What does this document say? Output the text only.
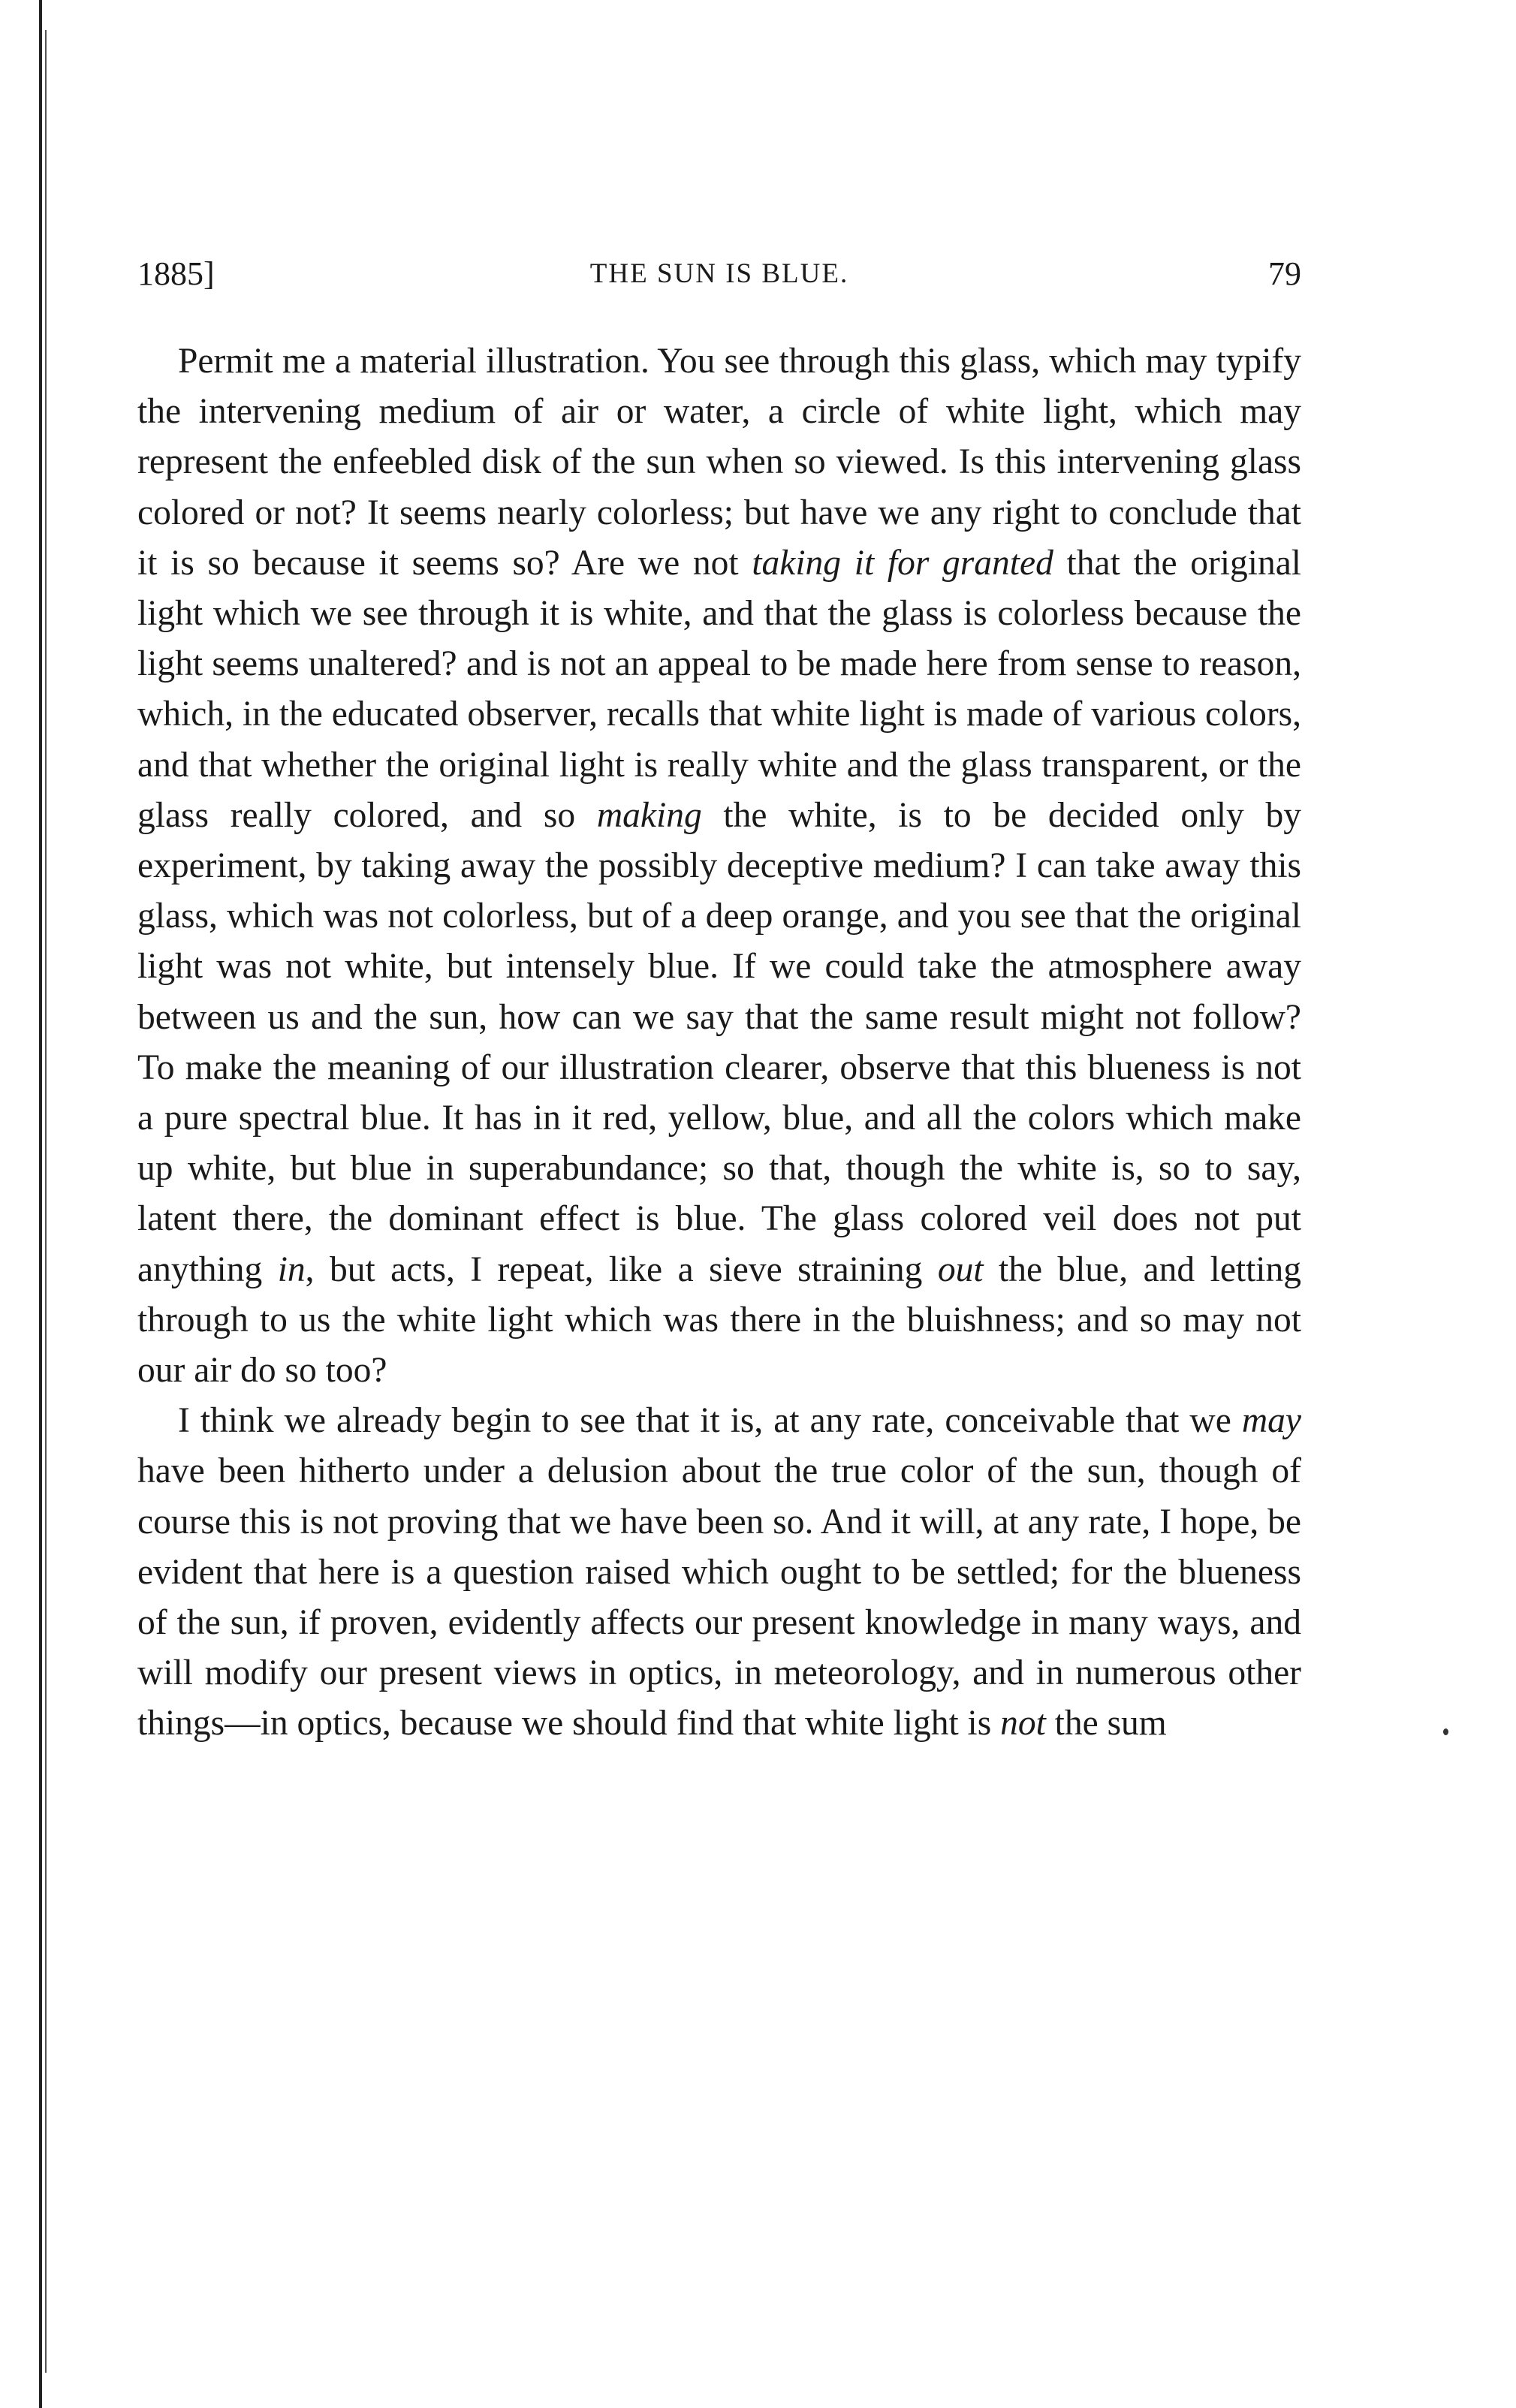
1885]	THE SUN IS BLUE.	79

Permit me a material illustration. You see through this glass, which may typify the intervening medium of air or water, a circle of white light, which may represent the enfeebled disk of the sun when so viewed. Is this intervening glass colored or not? It seems nearly colorless; but have we any right to conclude that it is so because it seems so? Are we not taking it for granted that the original light which we see through it is white, and that the glass is colorless because the light seems unaltered? and is not an appeal to be made here from sense to reason, which, in the educated observer, recalls that white light is made of various colors, and that whether the original light is really white and the glass transparent, or the glass really colored, and so making the white, is to be decided only by experiment, by taking away the possibly deceptive medium? I can take away this glass, which was not colorless, but of a deep orange, and you see that the original light was not white, but intensely blue. If we could take the atmosphere away between us and the sun, how can we say that the same result might not follow? To make the meaning of our illustration clearer, observe that this blueness is not a pure spectral blue. It has in it red, yellow, blue, and all the colors which make up white, but blue in superabundance; so that, though the white is, so to say, latent there, the dominant effect is blue. The glass colored veil does not put anything in, but acts, I repeat, like a sieve straining out the blue, and letting through to us the white light which was there in the bluishness; and so may not our air do so too?

I think we already begin to see that it is, at any rate, conceivable that we may have been hitherto under a delusion about the true color of the sun, though of course this is not proving that we have been so. And it will, at any rate, I hope, be evident that here is a question raised which ought to be settled; for the blueness of the sun, if proven, evidently affects our present knowledge in many ways, and will modify our present views in optics, in meteorology, and in numerous other things—in optics, because we should find that white light is not the sum
